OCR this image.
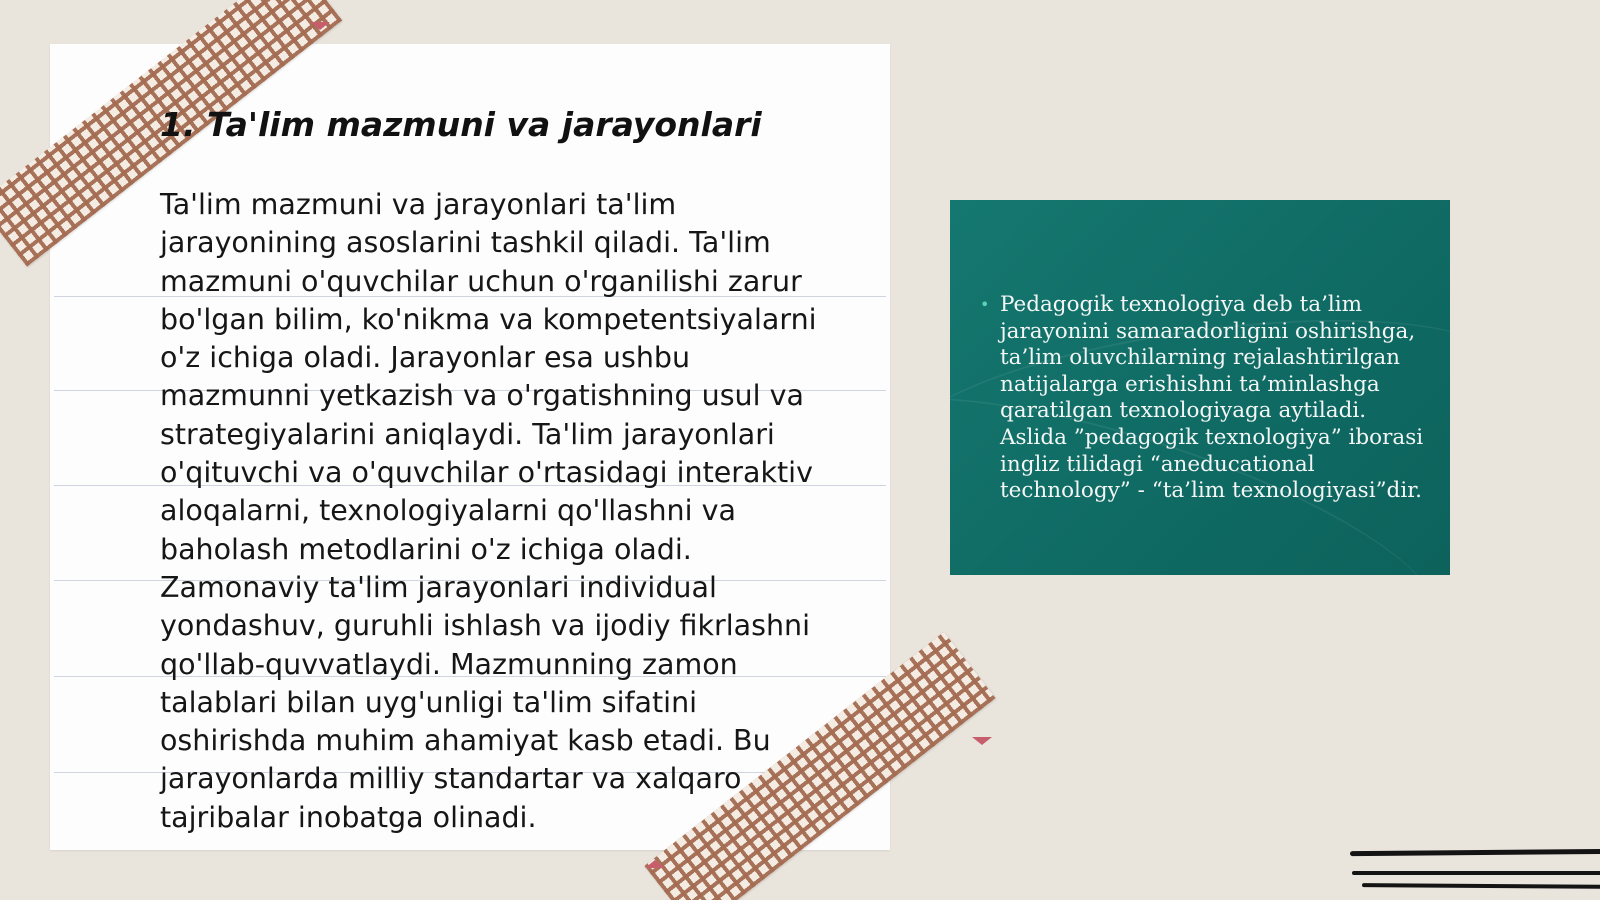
1. Ta'lim mazmuni va jarayonlari

Ta'lim mazmuni va jarayonlari ta'lim jarayonining asoslarini tashkil qiladi. Ta'lim mazmuni o'quvchilar uchun o'rganilishi zarur bo'lgan bilim, ko'nikma va kompetentsiyalarni o'z ichiga oladi. Jarayonlar esa ushbu mazmunni yetkazish va o'rgatishning usul va strategiyalarini aniqlaydi. Ta'lim jarayonlari o'qituvchi va o'quvchilar o'rtasidagi interaktiv aloqalarni, texnologiyalarni qo'llashni va baholash metodlarini o'z ichiga oladi. Zamonaviy ta'lim jarayonlari individual yondashuv, guruhli ishlash va ijodiy fikrlashni qo'llab-quvvatlaydi. Mazmunning zamon talablari bilan uyg'unligi ta'lim sifatini oshirishda muhim ahamiyat kasb etadi. Bu jarayonlarda milliy standartar va xalqaro tajribalar inobatga olinadi.

• Pedagogik texnologiya deb ta’lim jarayonini samaradorligini oshirishga, ta’lim oluvchilarning rejalashtirilgan natijalarga erishishni ta’minlashga qaratilgan texnologiyaga aytiladi. Aslida ”pedagogik texnologiya” iborasi ingliz tilidagi “aneducational technology” - “ta’lim texnologiyasi”dir.
